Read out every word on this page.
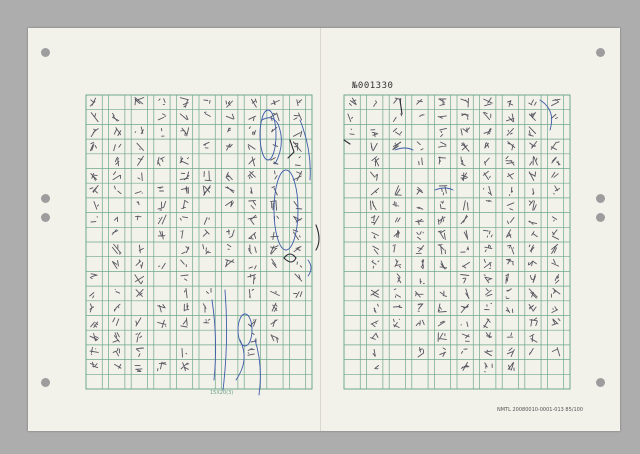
№001330
15X20(3)
NMTL 20080010-0001-013 85/100
